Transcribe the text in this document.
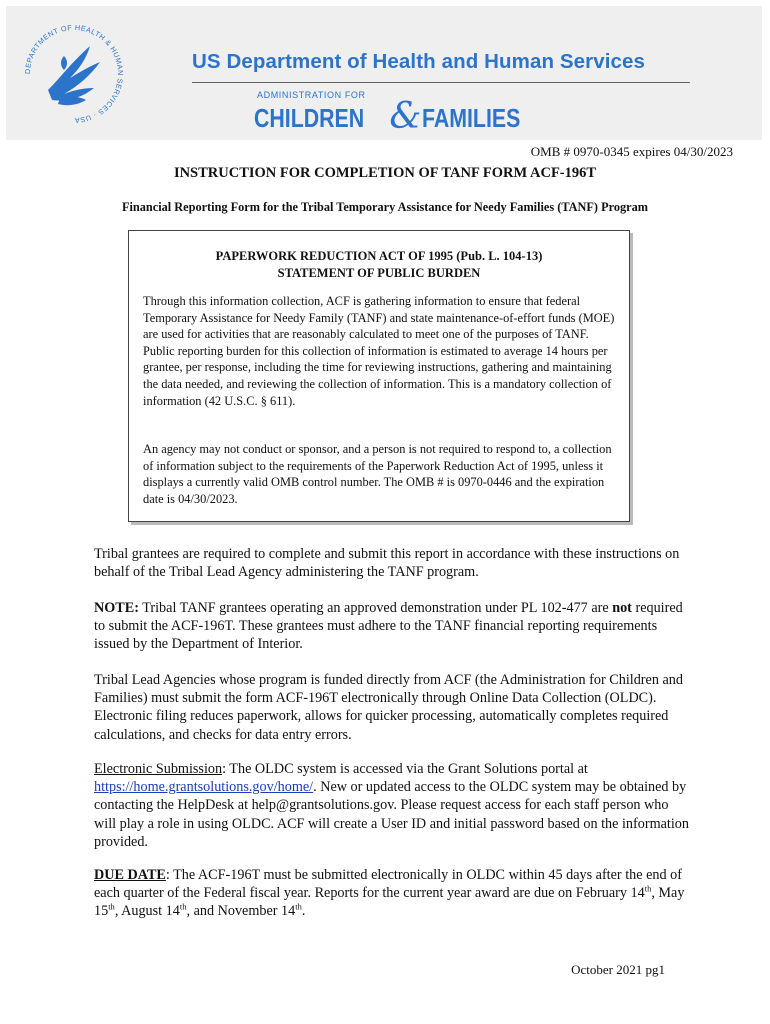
DEPARTMENT OF HEALTH & HUMAN SERVICES · USA
US Department of Health and Human Services
ADMINISTRATION FOR
CHILDREN & FAMILIES
OMB # 0970-0345 expires 04/30/2023
INSTRUCTION FOR COMPLETION OF TANF FORM ACF-196T
Financial Reporting Form for the Tribal Temporary Assistance for Needy Families (TANF) Program
PAPERWORK REDUCTION ACT OF 1995 (Pub. L. 104-13)
STATEMENT OF PUBLIC BURDEN

Through this information collection, ACF is gathering information to ensure that federal Temporary Assistance for Needy Family (TANF) and state maintenance-of-effort funds (MOE) are used for activities that are reasonably calculated to meet one of the purposes of TANF. Public reporting burden for this collection of information is estimated to average 14 hours per grantee, per response, including the time for reviewing instructions, gathering and maintaining the data needed, and reviewing the collection of information. This is a mandatory collection of information (42 U.S.C. § 611).

An agency may not conduct or sponsor, and a person is not required to respond to, a collection of information subject to the requirements of the Paperwork Reduction Act of 1995, unless it displays a currently valid OMB control number. The OMB # is 0970-0446 and the expiration date is 04/30/2023.

Tribal grantees are required to complete and submit this report in accordance with these instructions on behalf of the Tribal Lead Agency administering the TANF program.

NOTE: Tribal TANF grantees operating an approved demonstration under PL 102-477 are not required to submit the ACF-196T. These grantees must adhere to the TANF financial reporting requirements issued by the Department of Interior.

Tribal Lead Agencies whose program is funded directly from ACF (the Administration for Children and Families) must submit the form ACF-196T electronically through Online Data Collection (OLDC). Electronic filing reduces paperwork, allows for quicker processing, automatically completes required calculations, and checks for data entry errors.

Electronic Submission: The OLDC system is accessed via the Grant Solutions portal at https://home.grantsolutions.gov/home/. New or updated access to the OLDC system may be obtained by contacting the HelpDesk at help@grantsolutions.gov. Please request access for each staff person who will play a role in using OLDC. ACF will create a User ID and initial password based on the information provided.

DUE DATE: The ACF-196T must be submitted electronically in OLDC within 45 days after the end of each quarter of the Federal fiscal year. Reports for the current year award are due on February 14th, May 15th, August 14th, and November 14th.

October 2021 pg1
